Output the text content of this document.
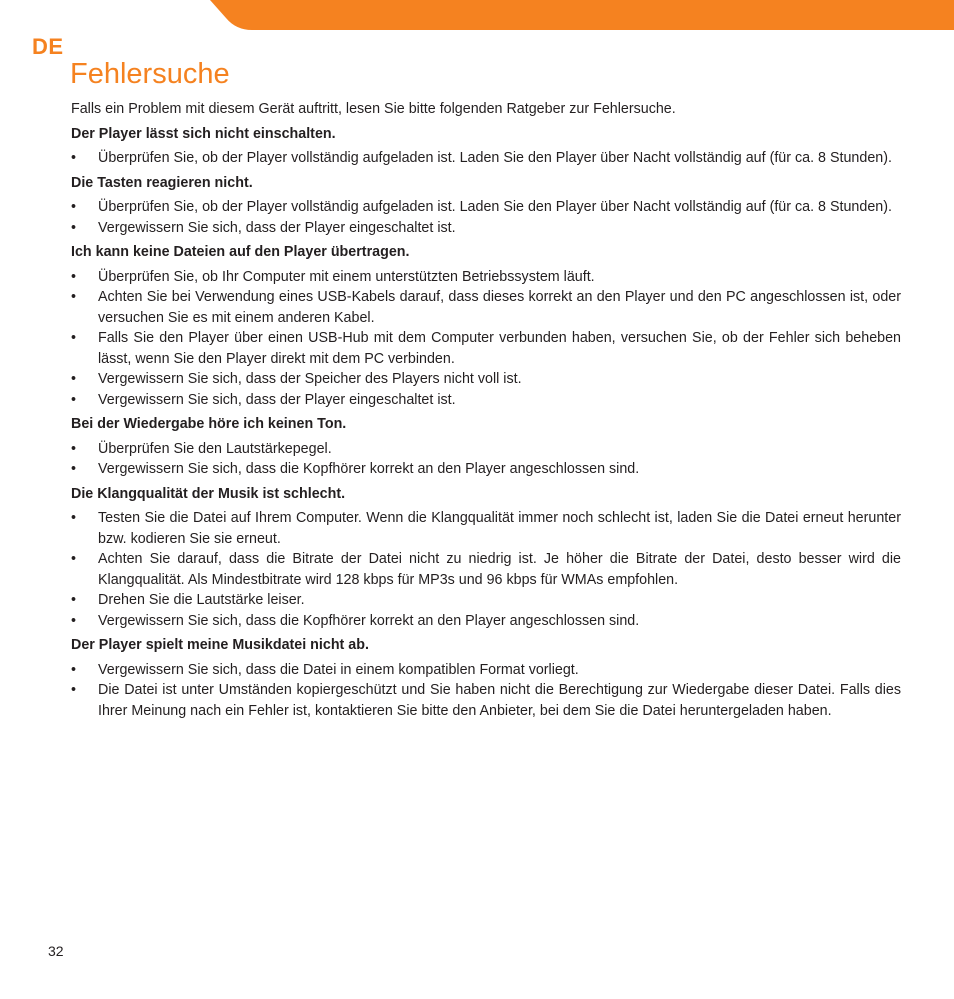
DE
Fehlersuche

Falls ein Problem mit diesem Gerät auftritt, lesen Sie bitte folgenden Ratgeber zur Fehlersuche.

Der Player lässt sich nicht einschalten.

•	Überprüfen Sie, ob der Player vollständig aufgeladen ist. Laden Sie den Player über Nacht vollständig auf (für ca. 8 Stunden).

Die Tasten reagieren nicht.

•	Überprüfen Sie, ob der Player vollständig aufgeladen ist. Laden Sie den Player über Nacht vollständig auf (für ca. 8 Stunden).
•	Vergewissern Sie sich, dass der Player eingeschaltet ist.

Ich kann keine Dateien auf den Player übertragen.

•	Überprüfen Sie, ob Ihr Computer mit einem unterstützten Betriebssystem läuft.
•	Achten Sie bei Verwendung eines USB-Kabels darauf, dass dieses korrekt an den Player und den PC angeschlossen ist, oder versuchen Sie es mit einem anderen Kabel.
•	Falls Sie den Player über einen USB-Hub mit dem Computer verbunden haben, versuchen Sie, ob der Fehler sich beheben lässt, wenn Sie den Player direkt mit dem PC verbinden.
•	Vergewissern Sie sich, dass der Speicher des Players nicht voll ist.
•	Vergewissern Sie sich, dass der Player eingeschaltet ist.

Bei der Wiedergabe höre ich keinen Ton.

•	Überprüfen Sie den Lautstärkepegel.
•	Vergewissern Sie sich, dass die Kopfhörer korrekt an den Player angeschlossen sind.

Die Klangqualität der Musik ist schlecht.

•	Testen Sie die Datei auf Ihrem Computer. Wenn die Klangqualität immer noch schlecht ist, laden Sie die Datei erneut herunter bzw. kodieren Sie sie erneut.
•	Achten Sie darauf, dass die Bitrate der Datei nicht zu niedrig ist. Je höher die Bitrate der Datei, desto besser wird die Klangqualität. Als Mindestbitrate wird 128 kbps für MP3s und 96 kbps für WMAs empfohlen.
•	Drehen Sie die Lautstärke leiser.
•	Vergewissern Sie sich, dass die Kopfhörer korrekt an den Player angeschlossen sind.

Der Player spielt meine Musikdatei nicht ab.

•	Vergewissern Sie sich, dass die Datei in einem kompatiblen Format vorliegt.
•	Die Datei ist unter Umständen kopiergeschützt und Sie haben nicht die Berechtigung zur Wiedergabe dieser Datei. Falls dies Ihrer Meinung nach ein Fehler ist, kontaktieren Sie bitte den Anbieter, bei dem Sie die Datei heruntergeladen haben.
32
